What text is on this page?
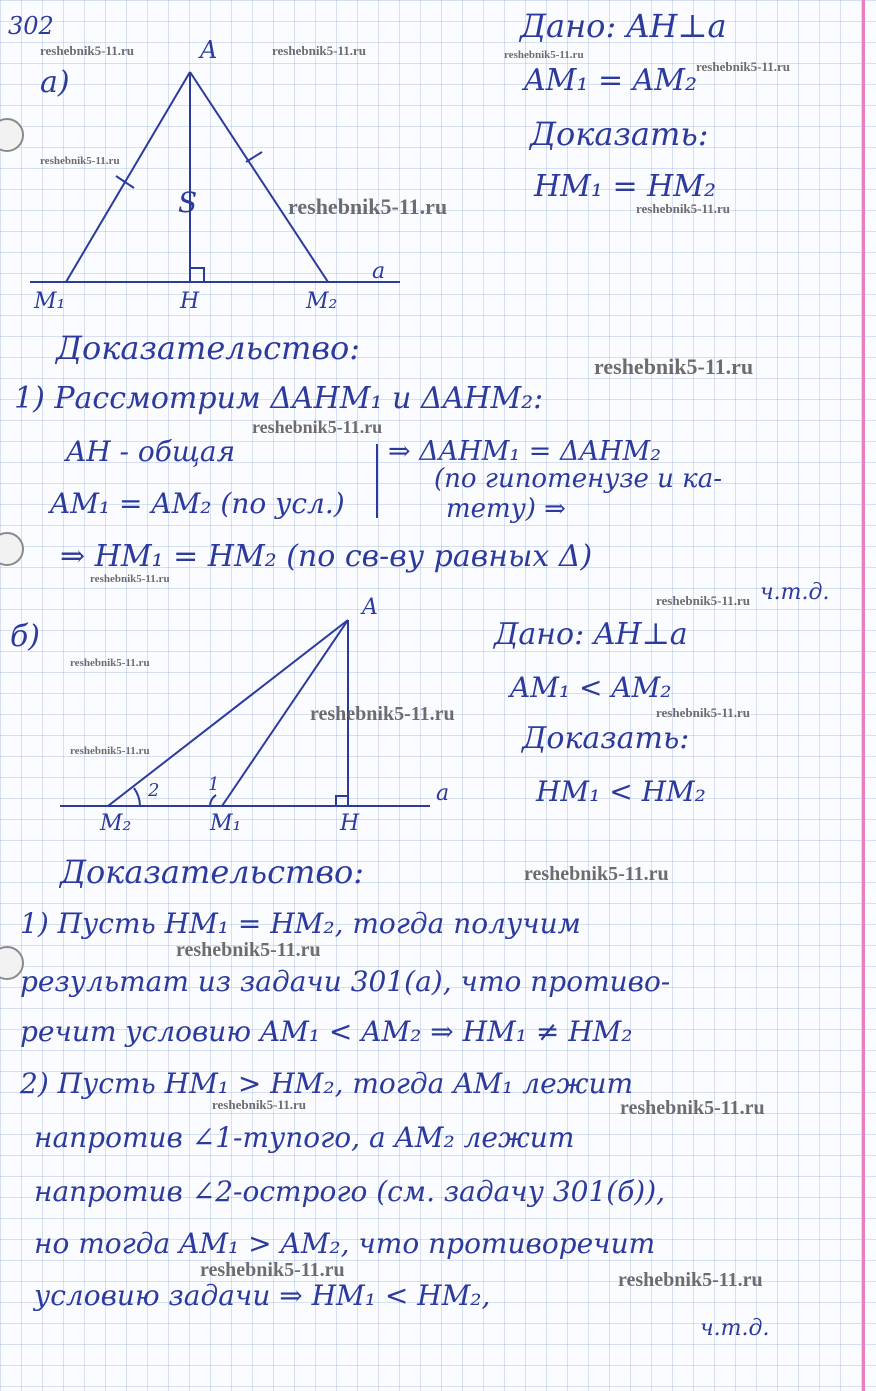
302
а)
A
M₁	H	M₂
a
S
A
M₂	M₁	H
a
2	1
Дано: AH⊥a
AM₁ = AM₂
Доказать:
HM₁ = HM₂
Доказательство:
1) Рассмотрим ΔAHM₁ и ΔAHM₂:
AH - общая
AM₁ = AM₂ (по усл.)
⇒ ΔAHM₁ = ΔAHM₂
(по гипотенузе и ка-
тету) ⇒
⇒ HM₁ = HM₂ (по св-ву равных Δ)
ч.т.д.
б)	Дано: AH⊥a
AM₁ < AM₂
Доказать:
HM₁ < HM₂
Доказательство:
1) Пусть HM₁ = HM₂, тогда получим
результат из задачи 301(а), что противо-
речит условию AM₁ < AM₂ ⇒ HM₁ ≠ HM₂
2) Пусть HM₁ > HM₂, тогда AM₁ лежит
напротив ∠1-тупого, а AM₂ лежит
напротив ∠2-острого (см. задачу 301(б)),
но тогда AM₁ > AM₂, что противоречит
условию задачи ⇒ HM₁ < HM₂,
ч.т.д.
reshebnik5-11.ru	reshebnik5-11.ru	reshebnik5-11.ru
reshebnik5-11.ru
reshebnik5-11.ru
reshebnik5-11.ru	reshebnik5-11.ru
reshebnik5-11.ru
reshebnik5-11.ru
reshebnik5-11.ru
reshebnik5-11.ru
reshebnik5-11.ru
reshebnik5-11.ru	reshebnik5-11.ru
reshebnik5-11.ru
reshebnik5-11.ru
reshebnik5-11.ru
reshebnik5-11.ru	reshebnik5-11.ru
reshebnik5-11.ru	reshebnik5-11.ru
